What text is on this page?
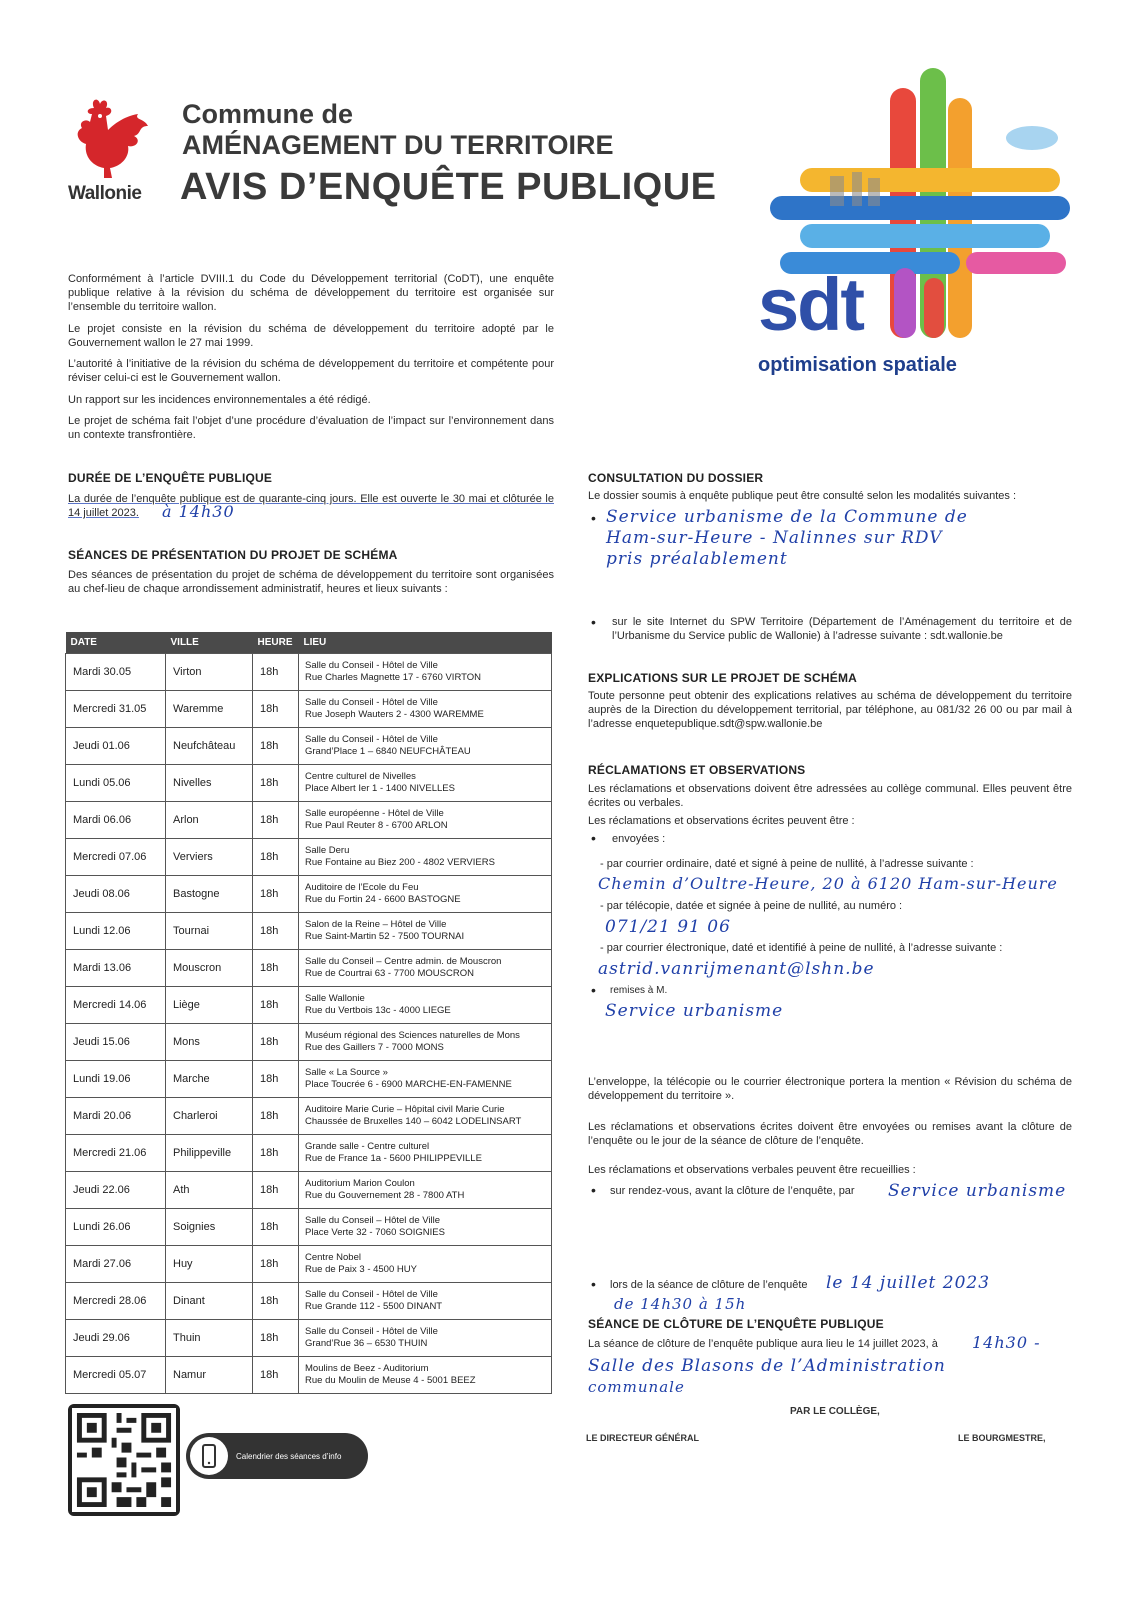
Wallonie
Commune de
AMÉNAGEMENT DU TERRITOIRE
AVIS D’ENQUÊTE PUBLIQUE
sdt
optimisation spatiale
Conformément à l’article DVIII.1 du Code du Développement territorial (CoDT), une enquête publique relative à la révision du schéma de développement du territoire est organisée sur l’ensemble du territoire wallon.
Le projet consiste en la révision du schéma de développement du territoire adopté par le Gouvernement wallon le 27 mai 1999.
L’autorité à l’initiative de la révision du schéma de développement du territoire et compétente pour réviser celui-ci est le Gouvernement wallon.
Un rapport sur les incidences environnementales a été rédigé.
Le projet de schéma fait l’objet d’une procédure d’évaluation de l’impact sur l’environnement dans un contexte transfrontière.
DURÉE DE L’ENQUÊTE PUBLIQUE
La durée de l’enquête publique est de quarante-cinq jours. Elle est ouverte le 30 mai et clôturée le 14 juillet 2023.	à 14h30
SÉANCES DE PRÉSENTATION DU PROJET DE SCHÉMA
Des séances de présentation du projet de schéma de développement du territoire sont organisées au chef-lieu de chaque arrondissement administratif, heures et lieux suivants :
DATE	VILLE	HEURE	LIEU
Mardi 30.05	Virton	18h	Salle du Conseil - Hôtel de Ville
Rue Charles Magnette 17 - 6760 VIRTON

Mercredi 31.05	Waremme	18h	Salle du Conseil - Hôtel de Ville
Rue Joseph Wauters 2 - 4300 WAREMME

Jeudi 01.06	Neufchâteau	18h	Salle du Conseil - Hôtel de Ville
Grand’Place 1 – 6840 NEUFCHÂTEAU

Lundi 05.06	Nivelles	18h	Centre culturel de Nivelles
Place Albert Ier 1 - 1400 NIVELLES

Mardi 06.06	Arlon	18h	Salle européenne - Hôtel de Ville
Rue Paul Reuter 8 - 6700 ARLON

Mercredi 07.06	Verviers	18h	Salle Deru
Rue Fontaine au Biez 200 - 4802 VERVIERS

Jeudi 08.06	Bastogne	18h	Auditoire de l’Ecole du Feu
Rue du Fortin 24 - 6600 BASTOGNE

Lundi 12.06	Tournai	18h	Salon de la Reine – Hôtel de Ville
Rue Saint-Martin 52 - 7500 TOURNAI

Mardi 13.06	Mouscron	18h	Salle du Conseil – Centre admin. de Mouscron
Rue de Courtrai 63 - 7700 MOUSCRON

Mercredi 14.06	Liège	18h	Salle Wallonie
Rue du Vertbois 13c - 4000 LIEGE

Jeudi 15.06	Mons	18h	Muséum régional des Sciences naturelles de Mons
Rue des Gaillers 7 - 7000 MONS

Lundi 19.06	Marche	18h	Salle « La Source »
Place Toucrée 6 - 6900 MARCHE-EN-FAMENNE

Mardi 20.06	Charleroi	18h	Auditoire Marie Curie – Hôpital civil Marie Curie
Chaussée de Bruxelles 140 – 6042 LODELINSART

Mercredi 21.06	Philippeville	18h	Grande salle - Centre culturel
Rue de France 1a - 5600 PHILIPPEVILLE

Jeudi 22.06	Ath	18h	Auditorium Marion Coulon
Rue du Gouvernement 28 - 7800 ATH

Lundi 26.06	Soignies	18h	Salle du Conseil – Hôtel de Ville
Place Verte 32 - 7060 SOIGNIES

Mardi 27.06	Huy	18h	Centre Nobel
Rue de Paix 3 - 4500 HUY

Mercredi 28.06	Dinant	18h	Salle du Conseil - Hôtel de Ville
Rue Grande 112 - 5500 DINANT

Jeudi 29.06	Thuin	18h	Salle du Conseil - Hôtel de Ville
Grand’Rue 36 – 6530 THUIN

Mercredi 05.07	Namur	18h	Moulins de Beez - Auditorium
Rue du Moulin de Meuse 4 - 5001 BEEZ
CONSULTATION DU DOSSIER
Le dossier soumis à enquête publique peut être consulté selon les modalités suivantes :
• Service urbanisme de la Commune de
Ham-sur-Heure - Nalinnes sur RDV
pris préalablement
• sur le site Internet du SPW Territoire (Département de l’Aménagement du territoire et de l’Urbanisme du Service public de Wallonie) à l’adresse suivante : sdt.wallonie.be
EXPLICATIONS SUR LE PROJET DE SCHÉMA
Toute personne peut obtenir des explications relatives au schéma de développement du territoire auprès de la Direction du développement territorial, par téléphone, au 081/32 26 00 ou par mail à l’adresse enquetepublique.sdt@spw.wallonie.be
RÉCLAMATIONS ET OBSERVATIONS
Les réclamations et observations doivent être adressées au collège communal. Elles peuvent être écrites ou verbales.
Les réclamations et observations écrites peuvent être :
• envoyées :
- par courrier ordinaire, daté et signé à peine de nullité, à l’adresse suivante :
Chemin d’Oultre-Heure, 20 à 6120 Ham-sur-Heure
- par télécopie, datée et signée à peine de nullité, au numéro :
071/21 91 06
- par courrier électronique, daté et identifié à peine de nullité, à l’adresse suivante :
astrid.vanrijmenant@lshn.be
• remises à M.
Service urbanisme
L’enveloppe, la télécopie ou le courrier électronique portera la mention « Révision du schéma de développement du territoire ».
Les réclamations et observations écrites doivent être envoyées ou remises avant la clôture de l’enquête ou le jour de la séance de clôture de l’enquête.
Les réclamations et observations verbales peuvent être recueillies :
• sur rendez-vous, avant la clôture de l’enquête, par	Service urbanisme
• lors de la séance de clôture de l’enquête	le 14 juillet 2023
de 14h30 à 15h
SÉANCE DE CLÔTURE DE L’ENQUÊTE PUBLIQUE
La séance de clôture de l’enquête publique aura lieu le 14 juillet 2023, à	14h30 -
Salle des Blasons de l’Administration
communale
PAR LE COLLÈGE,
LE DIRECTEUR GÉNÉRAL	LE BOURGMESTRE,
Calendrier des séances d’info
